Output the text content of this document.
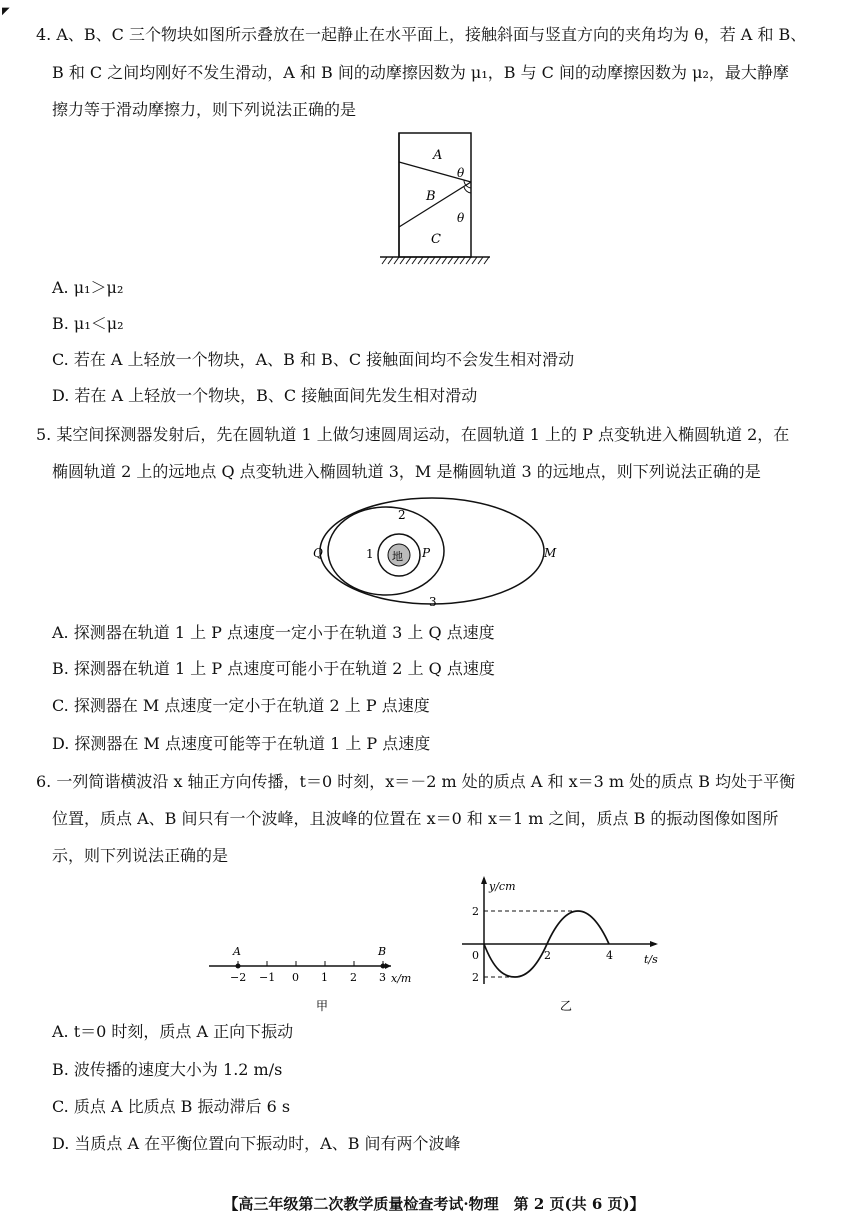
◤
4. A、B、C 三个物块如图所示叠放在一起静止在水平面上，接触斜面与竖直方向的夹角均为 θ，若 A 和 B、
B 和 C 之间均刚好不发生滑动，A 和 B 间的动摩擦因数为 μ₁，B 与 C 间的动摩擦因数为 μ₂，最大静摩
擦力等于滑动摩擦力，则下列说法正确的是
A
B
C
θ
θ
A. μ₁＞μ₂
B. μ₁＜μ₂
C. 若在 A 上轻放一个物块，A、B 和 B、C 接触面间均不会发生相对滑动
D. 若在 A 上轻放一个物块，B、C 接触面间先发生相对滑动
5. 某空间探测器发射后，先在圆轨道 1 上做匀速圆周运动，在圆轨道 1 上的 P 点变轨进入椭圆轨道 2，在
椭圆轨道 2 上的远地点 Q 点变轨进入椭圆轨道 3，M 是椭圆轨道 3 的远地点，则下列说法正确的是
地
Q	1	P	M
2
3
A. 探测器在轨道 1 上 P 点速度一定小于在轨道 3 上 Q 点速度
B. 探测器在轨道 1 上 P 点速度可能小于在轨道 2 上 Q 点速度
C. 探测器在 M 点速度一定小于在轨道 2 上 P 点速度
D. 探测器在 M 点速度可能等于在轨道 1 上 P 点速度
6. 一列简谐横波沿 x 轴正方向传播，t＝0 时刻，x＝－2 m 处的质点 A 和 x＝3 m 处的质点 B 均处于平衡
位置，质点 A、B 间只有一个波峰，且波峰的位置在 x＝0 和 x＝1 m 之间，质点 B 的振动图像如图所
示，则下列说法正确的是
A	B
−2 −1 0 1 2 3 x/m
甲
y/cm
t/s
2
0
2
2	4
乙
A. t＝0 时刻，质点 A 正向下振动
B. 波传播的速度大小为 1.2 m/s
C. 质点 A 比质点 B 振动滞后 6 s
D. 当质点 A 在平衡位置向下振动时，A、B 间有两个波峰
【高三年级第二次教学质量检查考试·物理　第 2 页(共 6 页)】
